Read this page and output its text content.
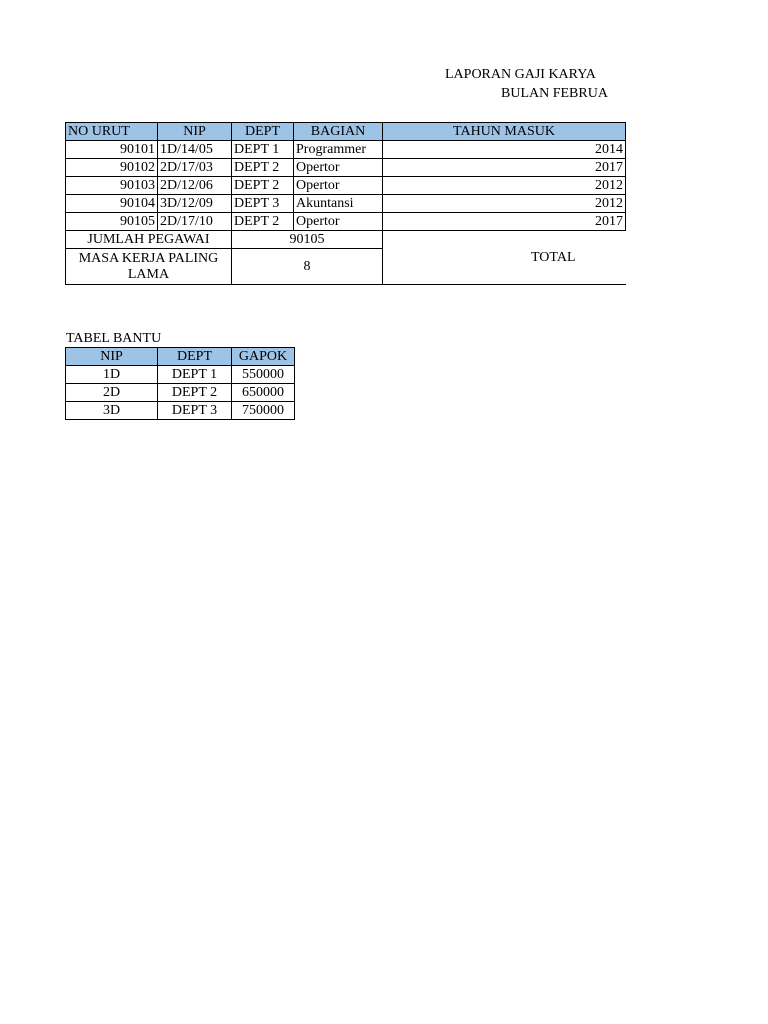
LAPORAN GAJI KARYA
BULAN FEBRUA
NO URUT	NIP	DEPT	BAGIAN	TAHUN MASUK
90101	1D/14/05	DEPT 1	Programmer	2014
90102	2D/17/03	DEPT 2	Opertor	2017
90103	2D/12/06	DEPT 2	Opertor	2012
90104	3D/12/09	DEPT 3	Akuntansi	2012
90105	2D/17/10	DEPT 2	Opertor	2017
JUMLAH PEGAWAI		90105		TOTAL
MASA KERJA PALING LAMA		8		
TABEL BANTU
NIP	DEPT	GAPOK
1D	DEPT 1	550000
2D	DEPT 2	650000
3D	DEPT 3	750000
